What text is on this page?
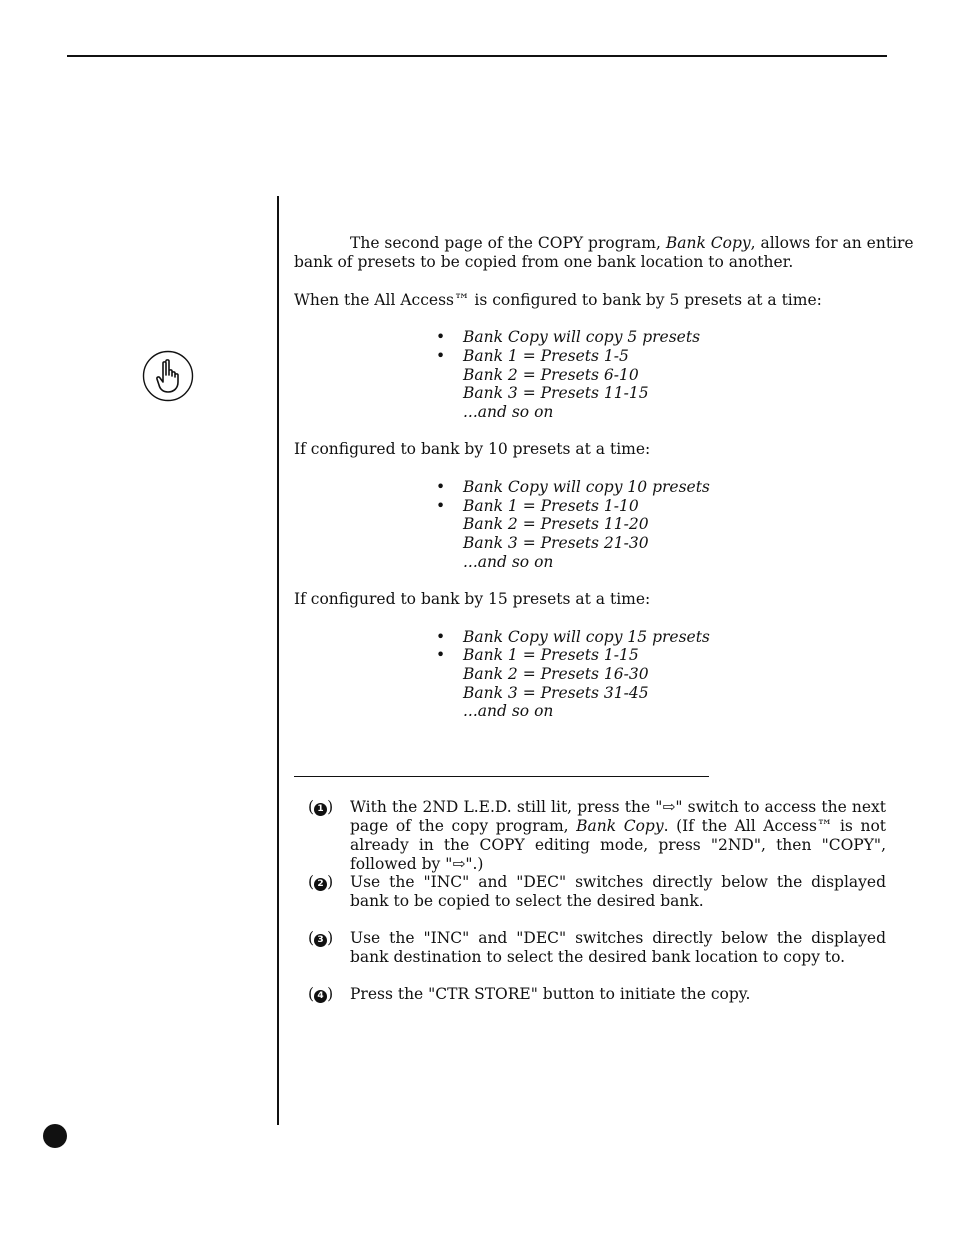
The second page of the COPY program, Bank Copy, allows for an entire
bank of presets to be copied from one bank location to another.
When the All Access™ is configured to bank by 5 presets at a time:
• Bank Copy will copy 5 presets
• Bank 1 = Presets 1-5
Bank 2 = Presets 6-10
Bank 3 = Presets 11-15
...and so on
If configured to bank by 10 presets at a time:
• Bank Copy will copy 10 presets
• Bank 1 = Presets 1-10
Bank 2 = Presets 11-20
Bank 3 = Presets 21-30
...and so on
If configured to bank by 15 presets at a time:
• Bank Copy will copy 15 presets
• Bank 1 = Presets 1-15
Bank 2 = Presets 16-30
Bank 3 = Presets 31-45
...and so on
( 1 ) With the 2ND L.E.D. still lit, press the "⇨" switch to access the next page of the copy program, Bank Copy. (If the All Access™ is not already in the COPY editing mode, press "2ND", then "COPY", followed by "⇨".)
( 2 ) Use the "INC" and "DEC" switches directly below the displayed bank to be copied to select the desired bank.
( 3 ) Use the "INC" and "DEC" switches directly below the displayed bank destination to select the desired bank location to copy to.
( 4 ) Press the "CTR STORE" button to initiate the copy.
